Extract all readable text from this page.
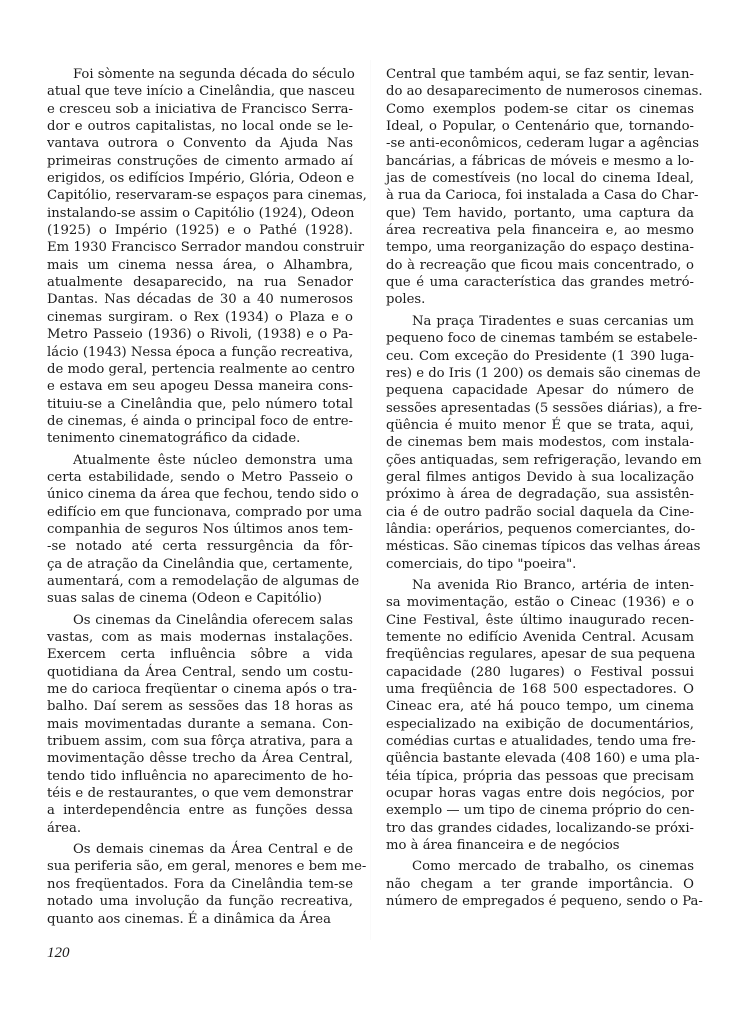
Foi sòmente na segunda década do século
atual que teve início a Cinelândia, que nasceu
e cresceu sob a iniciativa de Francisco Serra-
dor e outros capitalistas, no local onde se le-
vantava outrora o Convento da Ajuda Nas
primeiras construções de cimento armado aí
erigidos, os edifícios Império, Glória, Odeon e
Capitólio, reservaram-se espaços para cinemas,
instalando-se assim o Capitólio (1924), Odeon
(1925) o Império (1925) e o Pathé (1928).
Em 1930 Francisco Serrador mandou construir
mais um cinema nessa área, o Alhambra,
atualmente desaparecido, na rua Senador
Dantas. Nas décadas de 30 a 40 numerosos
cinemas surgiram. o Rex (1934) o Plaza e o
Metro Passeio (1936) o Rivoli, (1938) e o Pa-
lácio (1943) Nessa época a função recreativa,
de modo geral, pertencia realmente ao centro
e estava em seu apogeu Dessa maneira cons-
tituiu-se a Cinelândia que, pelo número total
de cinemas, é ainda o principal foco de entre-
tenimento cinematográfico da cidade.
Atualmente êste núcleo demonstra uma
certa estabilidade, sendo o Metro Passeio o
único cinema da área que fechou, tendo sido o
edifício em que funcionava, comprado por uma
companhia de seguros Nos últimos anos tem-
-se notado até certa ressurgência da fôr-
ça de atração da Cinelândia que, certamente,
aumentará, com a remodelação de algumas de
suas salas de cinema (Odeon e Capitólio)
Os cinemas da Cinelândia oferecem salas
vastas, com as mais modernas instalações.
Exercem certa influência sôbre a vida
quotidiana da Área Central, sendo um costu-
me do carioca freqüentar o cinema após o tra-
balho. Daí serem as sessões das 18 horas as
mais movimentadas durante a semana. Con-
tribuem assim, com sua fôrça atrativa, para a
movimentação dêsse trecho da Área Central,
tendo tido influência no aparecimento de ho-
téis e de restaurantes, o que vem demonstrar
a interdependência entre as funções dessa
área.
Os demais cinemas da Área Central e de
sua periferia são, em geral, menores e bem me-
nos freqüentados. Fora da Cinelândia tem-se
notado uma involução da função recreativa,
quanto aos cinemas. É a dinâmica da Área
Central que também aqui, se faz sentir, levan-
do ao desaparecimento de numerosos cinemas.
Como exemplos podem-se citar os cinemas
Ideal, o Popular, o Centenário que, tornando-
-se anti-econômicos, cederam lugar a agências
bancárias, a fábricas de móveis e mesmo a lo-
jas de comestíveis (no local do cinema Ideal,
à rua da Carioca, foi instalada a Casa do Char-
que) Tem havido, portanto, uma captura da
área recreativa pela financeira e, ao mesmo
tempo, uma reorganização do espaço destina-
do à recreação que ficou mais concentrado, o
que é uma característica das grandes metró-
poles.
Na praça Tiradentes e suas cercanias um
pequeno foco de cinemas também se estabele-
ceu. Com exceção do Presidente (1 390 luga-
res) e do Iris (1 200) os demais são cinemas de
pequena capacidade Apesar do número de
sessões apresentadas (5 sessões diárias), a fre-
qüência é muito menor É que se trata, aqui,
de cinemas bem mais modestos, com instala-
ções antiquadas, sem refrigeração, levando em
geral filmes antigos Devido à sua localização
próximo à área de degradação, sua assistên-
cia é de outro padrão social daquela da Cine-
lândia: operários, pequenos comerciantes, do-
mésticas. São cinemas típicos das velhas áreas
comerciais, do tipo "poeira".
Na avenida Rio Branco, artéria de inten-
sa movimentação, estão o Cineac (1936) e o
Cine Festival, êste último inaugurado recen-
temente no edifício Avenida Central. Acusam
freqüências regulares, apesar de sua pequena
capacidade (280 lugares) o Festival possui
uma freqüência de 168 500 espectadores. O
Cineac era, até há pouco tempo, um cinema
especializado na exibição de documentários,
comédias curtas e atualidades, tendo uma fre-
qüência bastante elevada (408 160) e uma pla-
téia típica, própria das pessoas que precisam
ocupar horas vagas entre dois negócios, por
exemplo — um tipo de cinema próprio do cen-
tro das grandes cidades, localizando-se próxi-
mo à área financeira e de negócios
Como mercado de trabalho, os cinemas
não chegam a ter grande importância. O
número de empregados é pequeno, sendo o Pa-
120
